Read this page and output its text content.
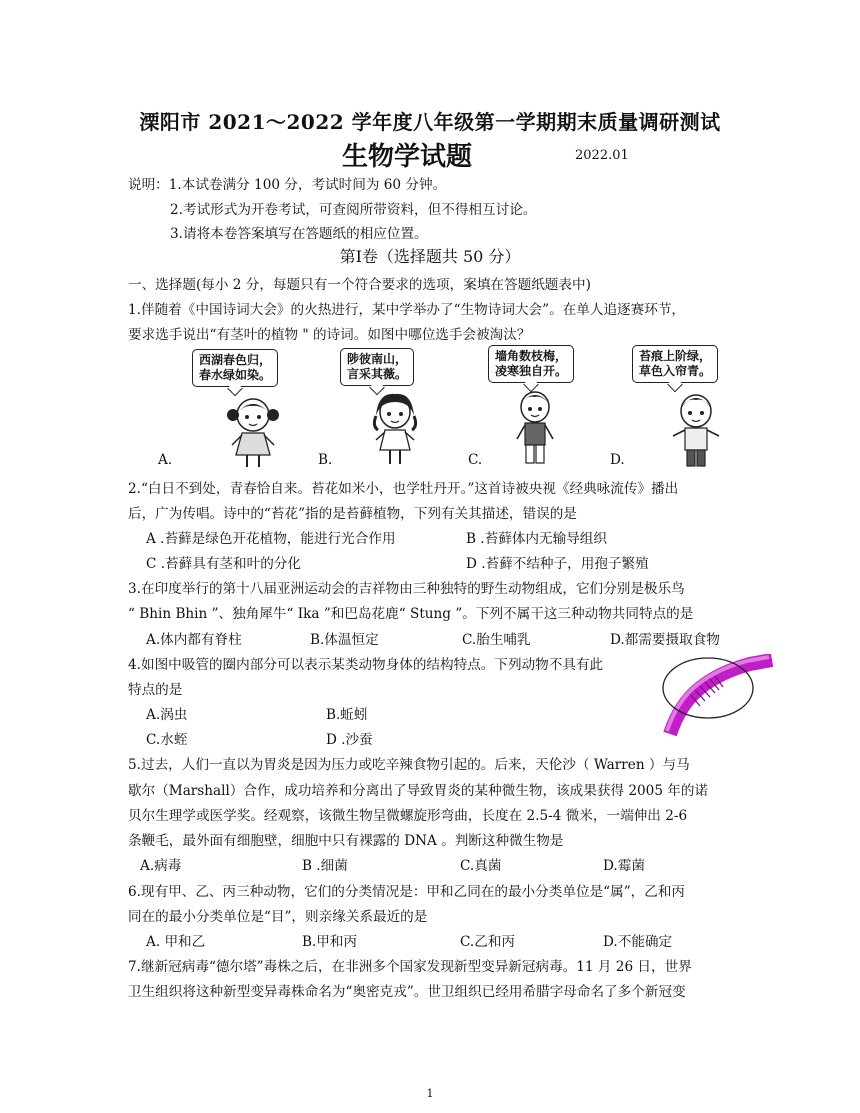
溧阳市 2021～2022 学年度八年级第一学期期末质量调研测试
生物学试题	2022.01
说明：1.本试卷满分 100 分，考试时间为 60 分钟。
2.考试形式为开卷考试，可查阅所带资料，但不得相互讨论。
3.请将本卷答案填写在答题纸的相应位置。
第Ⅰ卷（选择题共 50 分）
一、选择题(每小 2 分，每题只有一个符合要求的选项，案填在答题纸题表中)
1.伴随着《中国诗词大会》的火热进行，某中学举办了“生物诗词大会”。在单人追逐赛环节，
要求选手说出“有茎叶的植物 " 的诗词。如图中哪位选手会被淘汰？
西湖春色归，
春水绿如染。
陟彼南山，
言采其薇。
墙角数枝梅，
凌寒独自开。
苔痕上阶绿，
草色入帘青。
A.	B.	C.	D.
2.“白日不到处，青春恰自来。苔花如米小，也学牡丹开。”这首诗被央视《经典咏流传》播出
后，广为传唱。诗中的“苔花”指的是苔藓植物，下列有关其描述，错误的是
A .苔藓是绿色开花植物，能进行光合作用	B .苔藓体内无输导组织
C .苔藓具有茎和叶的分化	D .苔藓不结种子，用孢子繁殖
3.在印度举行的第十八届亚洲运动会的吉祥物由三种独特的野生动物组成，它们分别是极乐鸟
“ Bhin Bhin ”、独角犀牛“ Ika ”和巴岛花鹿“ Stung ”。下列不属干这三种动物共同特点的是
A.体内都有脊柱	B.体温恒定	C.胎生哺乳	D.都需要摄取食物
4.如图中吸管的圈内部分可以表示某类动物身体的结构特点。下列动物不具有此
特点的是
A.涡虫	B.蚯蚓
C.水蛭	D .沙蚕
5.过去，人们一直以为胃炎是因为压力或吃辛辣食物引起的。后来，天伦沙（ Warren ）与马
歇尔（Marshall）合作，成功培养和分离出了导致胃炎的某种微生物，该成果获得 2005 年的诺
贝尔生理学或医学奖。经观察，该微生物呈微螺旋形弯曲，长度在 2.5-4 微米，一端伸出 2-6
条鞭毛，最外面有细胞壁，细胞中只有裸露的 DNA 。判断这种微生物是
A.病毒	B .细菌	C.真菌	D.霉菌
6.现有甲、乙、丙三种动物，它们的分类情况是：甲和乙同在的最小分类单位是“属”，乙和丙
同在的最小分类单位是“目”，则亲缘关系最近的是
A. 甲和乙	B.甲和丙	C.乙和丙	D.不能确定
7.继新冠病毒“德尔塔”毒株之后，在非洲多个国家发现新型变异新冠病毒。11 月 26 日，世界
卫生组织将这种新型变异毒株命名为“奥密克戎”。世卫组织已经用希腊字母命名了多个新冠变
1
